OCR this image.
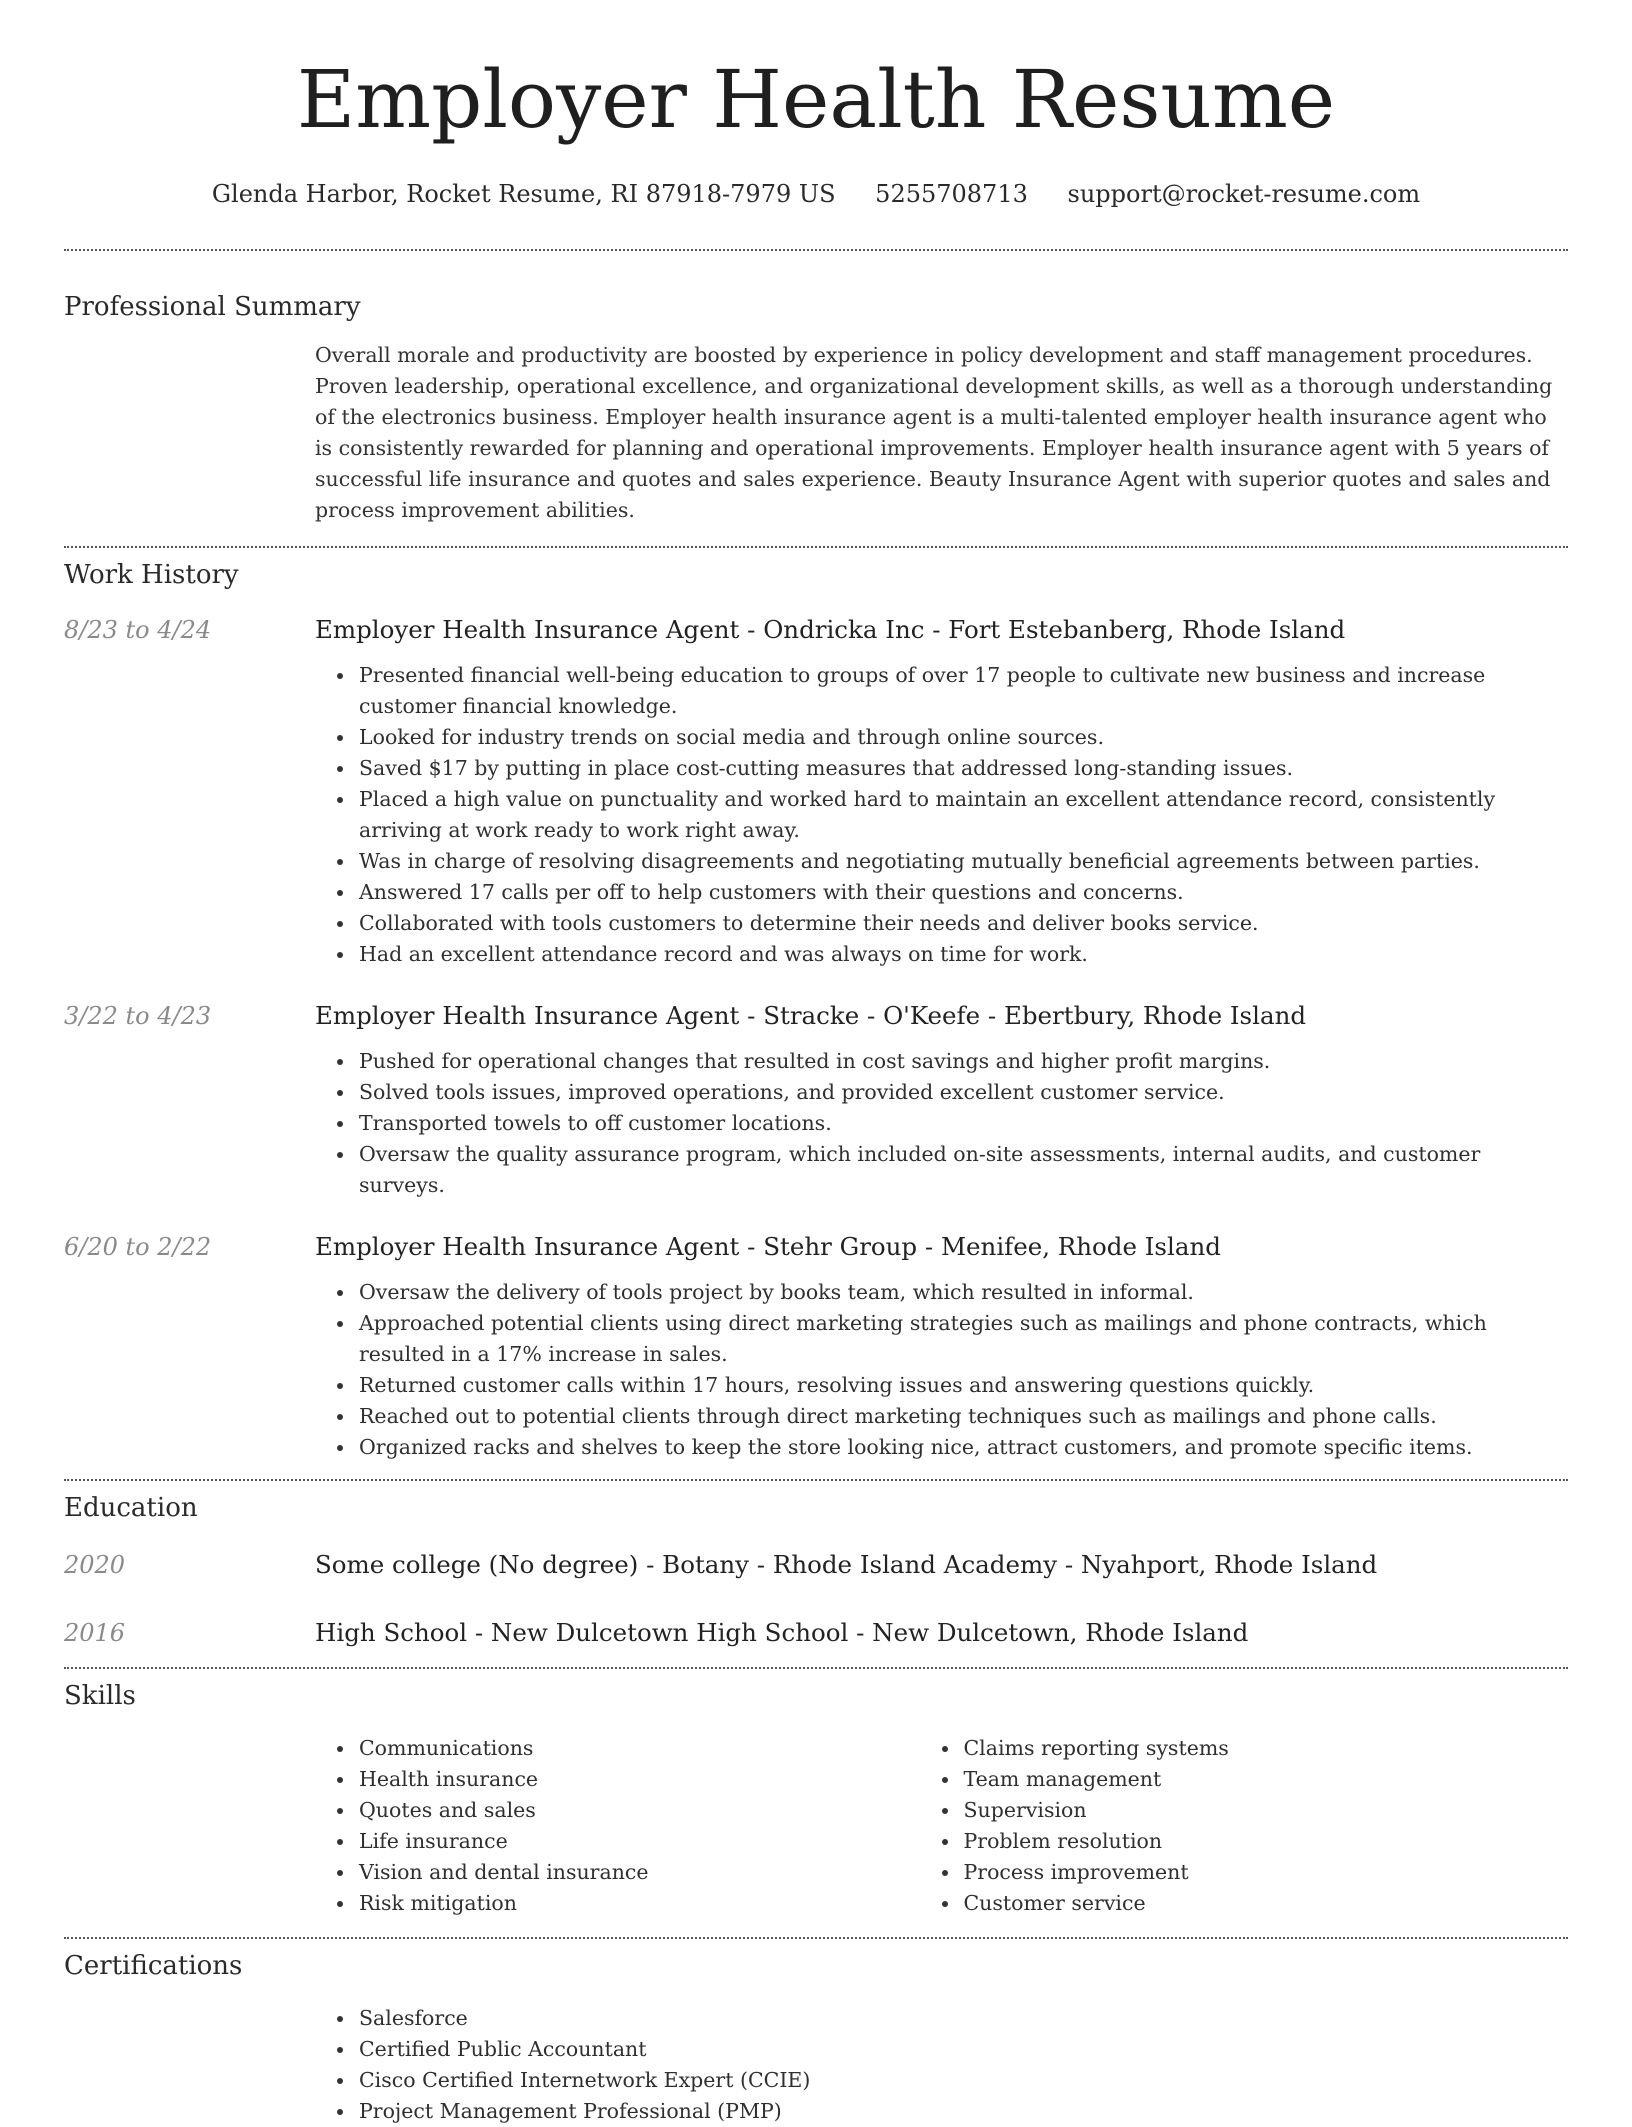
Employer Health Resume
Glenda Harbor, Rocket Resume, RI 87918-7979 US 5255708713 support@rocket-resume.com
Professional Summary
Overall morale and productivity are boosted by experience in policy development and staff management procedures. Proven leadership, operational excellence, and organizational development skills, as well as a thorough understanding of the electronics business. Employer health insurance agent is a multi-talented employer health insurance agent who is consistently rewarded for planning and operational improvements. Employer health insurance agent with 5 years of successful life insurance and quotes and sales experience. Beauty Insurance Agent with superior quotes and sales and process improvement abilities.
Work History
8/23 to 4/24	Employer Health Insurance Agent - Ondricka Inc - Fort Estebanberg, Rhode Island
Presented financial well-being education to groups of over 17 people to cultivate new business and increase customer financial knowledge.
Looked for industry trends on social media and through online sources.
Saved $17 by putting in place cost-cutting measures that addressed long-standing issues.
Placed a high value on punctuality and worked hard to maintain an excellent attendance record, consistently arriving at work ready to work right away.
Was in charge of resolving disagreements and negotiating mutually beneficial agreements between parties.
Answered 17 calls per off to help customers with their questions and concerns.
Collaborated with tools customers to determine their needs and deliver books service.
Had an excellent attendance record and was always on time for work.
3/22 to 4/23	Employer Health Insurance Agent - Stracke - O'Keefe - Ebertbury, Rhode Island
Pushed for operational changes that resulted in cost savings and higher profit margins.
Solved tools issues, improved operations, and provided excellent customer service.
Transported towels to off customer locations.
Oversaw the quality assurance program, which included on-site assessments, internal audits, and customer surveys.
6/20 to 2/22	Employer Health Insurance Agent - Stehr Group - Menifee, Rhode Island
Oversaw the delivery of tools project by books team, which resulted in informal.
Approached potential clients using direct marketing strategies such as mailings and phone contracts, which resulted in a 17% increase in sales.
Returned customer calls within 17 hours, resolving issues and answering questions quickly.
Reached out to potential clients through direct marketing techniques such as mailings and phone calls.
Organized racks and shelves to keep the store looking nice, attract customers, and promote specific items.
Education
2020	Some college (No degree) - Botany - Rhode Island Academy - Nyahport, Rhode Island
2016	High School - New Dulcetown High School - New Dulcetown, Rhode Island
Skills
Communications
Health insurance
Quotes and sales
Life insurance
Vision and dental insurance
Risk mitigation
Claims reporting systems
Team management
Supervision
Problem resolution
Process improvement
Customer service
Certifications
Salesforce
Certified Public Accountant
Cisco Certified Internetwork Expert (CCIE)
Project Management Professional (PMP)
